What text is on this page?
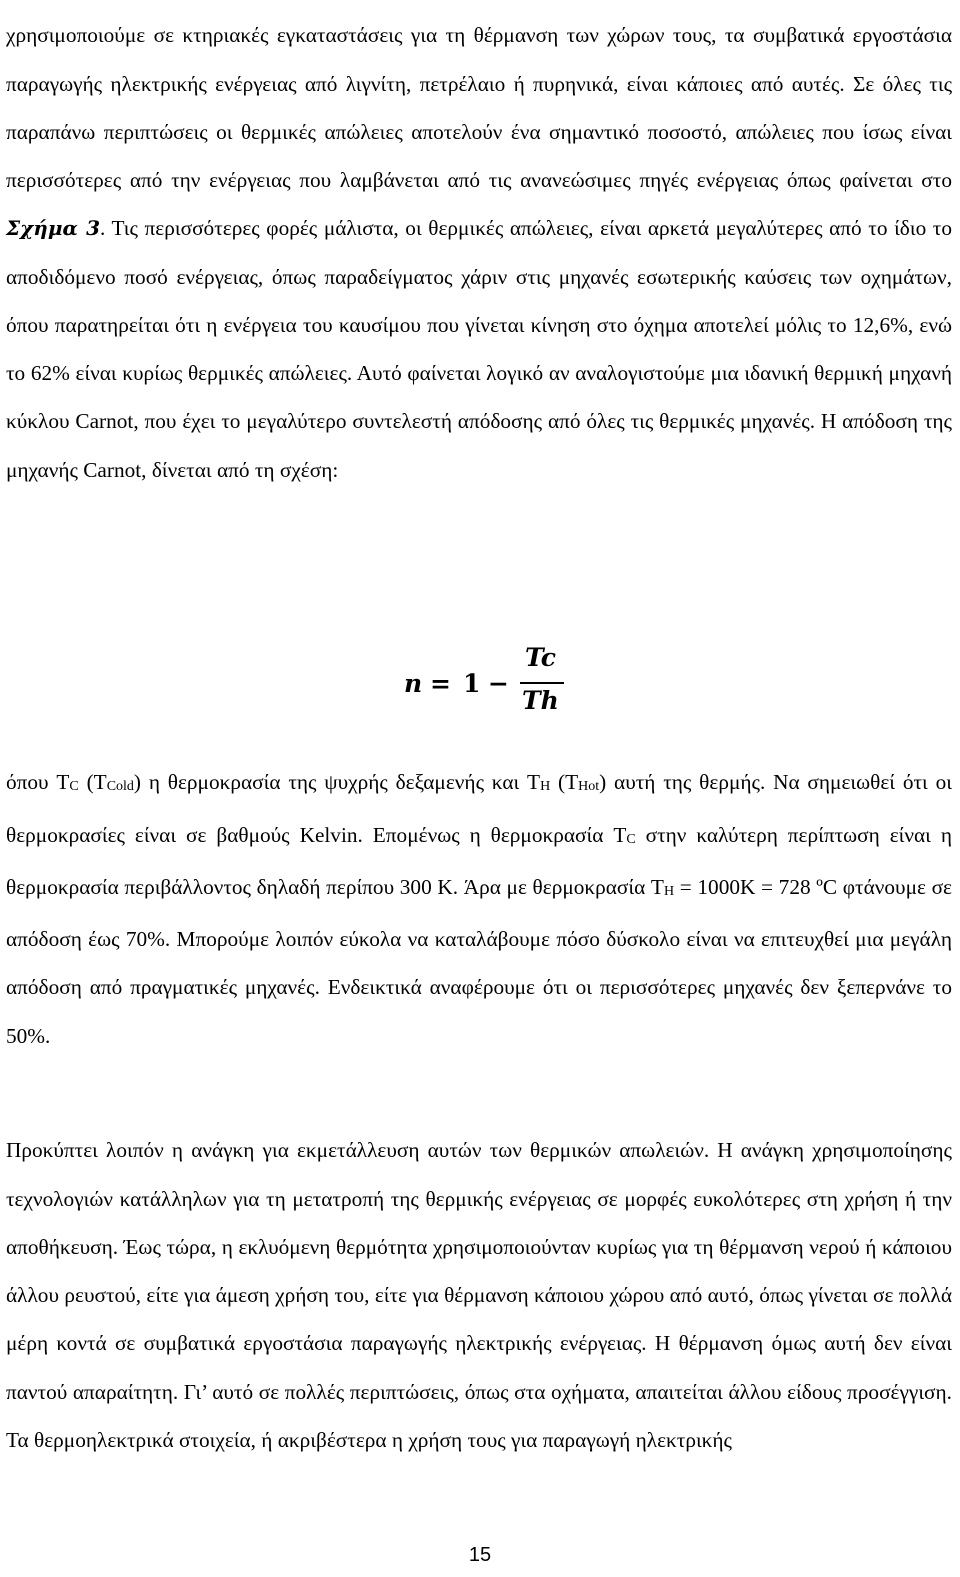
χρησιμοποιούμε σε κτηριακές εγκαταστάσεις για τη θέρμανση των χώρων τους, τα συμβατικά εργοστάσια παραγωγής ηλεκτρικής ενέργειας από λιγνίτη, πετρέλαιο ή πυρηνικά, είναι κάποιες από αυτές. Σε όλες τις παραπάνω περιπτώσεις οι θερμικές απώλειες αποτελούν ένα σημαντικό ποσοστό, απώλειες που ίσως είναι περισσότερες από την ενέργειας που λαμβάνεται από τις ανανεώσιμες πηγές ενέργειας όπως φαίνεται στο Σχήμα 3. Τις περισσότερες φορές μάλιστα, οι θερμικές απώλειες, είναι αρκετά μεγαλύτερες από το ίδιο το αποδιδόμενο ποσό ενέργειας, όπως παραδείγματος χάριν στις μηχανές εσωτερικής καύσεις των οχημάτων, όπου παρατηρείται ότι η ενέργεια του καυσίμου που γίνεται κίνηση στο όχημα αποτελεί μόλις το 12,6%, ενώ το 62% είναι κυρίως θερμικές απώλειες. Αυτό φαίνεται λογικό αν αναλογιστούμε μια ιδανική θερμική μηχανή κύκλου Carnot, που έχει το μεγαλύτερο συντελεστή απόδοσης από όλες τις θερμικές μηχανές. Η απόδοση της μηχανής Carnot, δίνεται από τη σχέση:

n
Tc
Th
= 1 −

όπου TC (TCold) η θερμοκρασία της ψυχρής δεξαμενής και TH (THot) αυτή της θερμής. Να σημειωθεί ότι οι θερμοκρασίες είναι σε βαθμούς Kelvin. Επομένως η θερμοκρασία TC στην καλύτερη περίπτωση είναι η θερμοκρασία περιβάλλοντος δηλαδή περίπου 300 K. Άρα με θερμοκρασία TH = 1000K = 728 ºC φτάνουμε σε απόδοση έως 70%. Μπορούμε λοιπόν εύκολα να καταλάβουμε πόσο δύσκολο είναι να επιτευχθεί μια μεγάλη απόδοση από πραγματικές μηχανές. Ενδεικτικά αναφέρουμε ότι οι περισσότερες μηχανές δεν ξεπερνάνε το 50%.

Προκύπτει λοιπόν η ανάγκη για εκμετάλλευση αυτών των θερμικών απωλειών. Η ανάγκη χρησιμοποίησης τεχνολογιών κατάλληλων για τη μετατροπή της θερμικής ενέργειας σε μορφές ευκολότερες στη χρήση ή την αποθήκευση. Έως τώρα, η εκλυόμενη θερμότητα χρησιμοποιούνταν κυρίως για τη θέρμανση νερού ή κάποιου άλλου ρευστού, είτε για άμεση χρήση του, είτε για θέρμανση κάποιου χώρου από αυτό, όπως γίνεται σε πολλά μέρη κοντά σε συμβατικά εργοστάσια παραγωγής ηλεκτρικής ενέργειας. Η θέρμανση όμως αυτή δεν είναι παντού απαραίτητη. Γι’ αυτό σε πολλές περιπτώσεις, όπως στα οχήματα, απαιτείται άλλου είδους προσέγγιση. Τα θερμοηλεκτρικά στοιχεία, ή ακριβέστερα η χρήση τους για παραγωγή ηλεκτρικής

15
